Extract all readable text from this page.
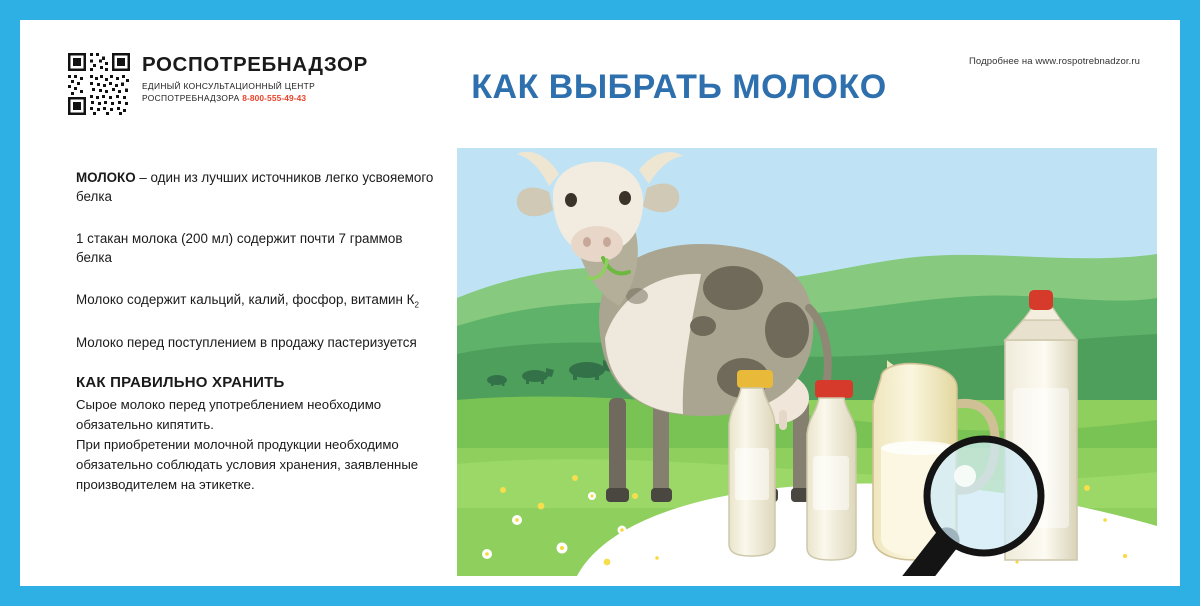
РОСПОТРЕБНАДЗОР
ЕДИНЫЙ КОНСУЛЬТАЦИОННЫЙ ЦЕНТР
РОСПОТРЕБНАДЗОРА 8-800-555-49-43	КАК ВЫБРАТЬ МОЛОКО
Подробнее на www.rospotrebnadzor.ru
МОЛОКО – один из лучших источников легко усвояемого белка
1 стакан молока (200 мл) содержит почти 7 граммов белка
Молоко содержит кальций, калий, фосфор, витамин $К_2$
Молоко перед поступлением в продажу пастеризуется
КАК ПРАВИЛЬНО ХРАНИТЬ
Сырое молоко перед употреблением необходимо обязательно кипятить.
При приобретении молочной продукции необходимо обязательно соблюдать условия хранения, заявленные производителем на этикетке.
